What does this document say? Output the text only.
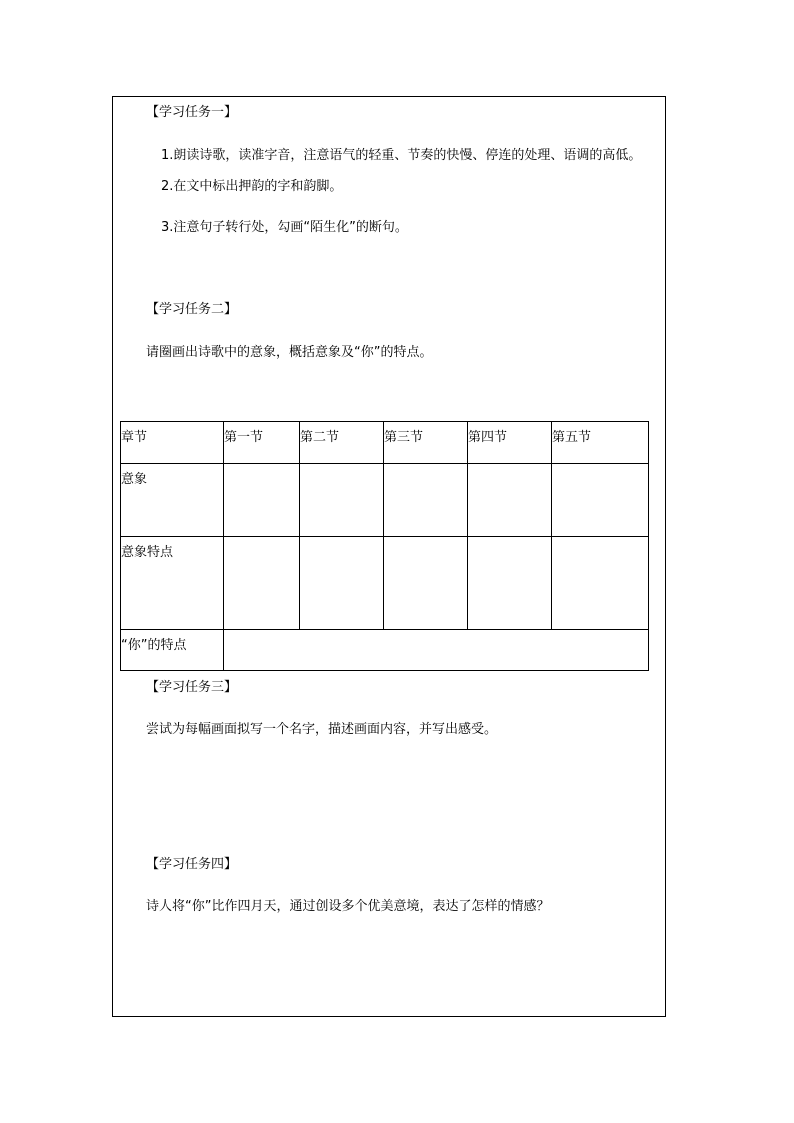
【学习任务一】
1.朗读诗歌，读准字音，注意语气的轻重、节奏的快慢、停连的处理、语调的高低。
2.在文中标出押韵的字和韵脚。
3.注意句子转行处，勾画“陌生化”的断句。
【学习任务二】
请圈画出诗歌中的意象，概括意象及“你”的特点。
章节	第一节	第二节	第三节	第四节	第五节
意象					
意象特点					
“你”的特点					
【学习任务三】
尝试为每幅画面拟写一个名字，描述画面内容，并写出感受。
【学习任务四】
诗人将“你”比作四月天，通过创设多个优美意境，表达了怎样的情感？
